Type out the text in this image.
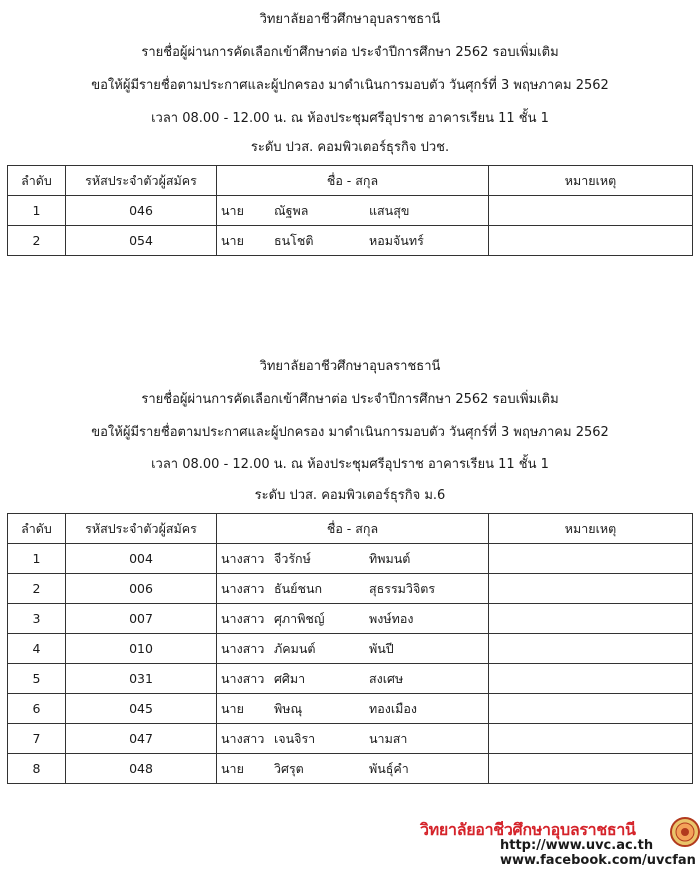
วิทยาลัยอาชีวศึกษาอุบลราชธานี
รายชื่อผู้ผ่านการคัดเลือกเข้าศึกษาต่อ ประจำปีการศึกษา 2562 รอบเพิ่มเติม
ขอให้ผู้มีรายชื่อตามประกาศและผู้ปกครอง มาดำเนินการมอบตัว วันศุกร์ที่ 3 พฤษภาคม 2562
เวลา 08.00 - 12.00 น. ณ ห้องประชุมศรีอุปราช อาคารเรียน 11 ชั้น 1
ระดับ ปวส. คอมพิวเตอร์ธุรกิจ ปวช.
ลำดับ	รหัสประจำตัวผู้สมัคร	ชื่อ - สกุล	หมายเหตุ
1	046	นาย ณัฐพล แสนสุข	

2	054	นาย ธนโชติ หอมจันทร์	

วิทยาลัยอาชีวศึกษาอุบลราชธานี
รายชื่อผู้ผ่านการคัดเลือกเข้าศึกษาต่อ ประจำปีการศึกษา 2562 รอบเพิ่มเติม
ขอให้ผู้มีรายชื่อตามประกาศและผู้ปกครอง มาดำเนินการมอบตัว วันศุกร์ที่ 3 พฤษภาคม 2562
เวลา 08.00 - 12.00 น. ณ ห้องประชุมศรีอุปราช อาคารเรียน 11 ชั้น 1
ระดับ ปวส. คอมพิวเตอร์ธุรกิจ ม.6
ลำดับ	รหัสประจำตัวผู้สมัคร	ชื่อ - สกุล	หมายเหตุ
1	004	นางสาว จีวรักษ์ ทิพมนต์	

2	006	นางสาว ธันย์ชนก สุธรรมวิจิตร	

3	007	นางสาว ศุภาพิชญ์ พงษ์ทอง	

4	010	นางสาว ภัคมนต์ พันปี	

5	031	นางสาว ศศิมา สงเศษ	

6	045	นาย พิษณุ ทองเมือง	

7	047	นางสาว เจนจิรา นามสา	

8	048	นาย วิศรุต พันธุ์คำ	

วิทยาลัยอาชีวศึกษาอุบลราชธานี
http://www.uvc.ac.th
www.facebook.com/uvcfan
